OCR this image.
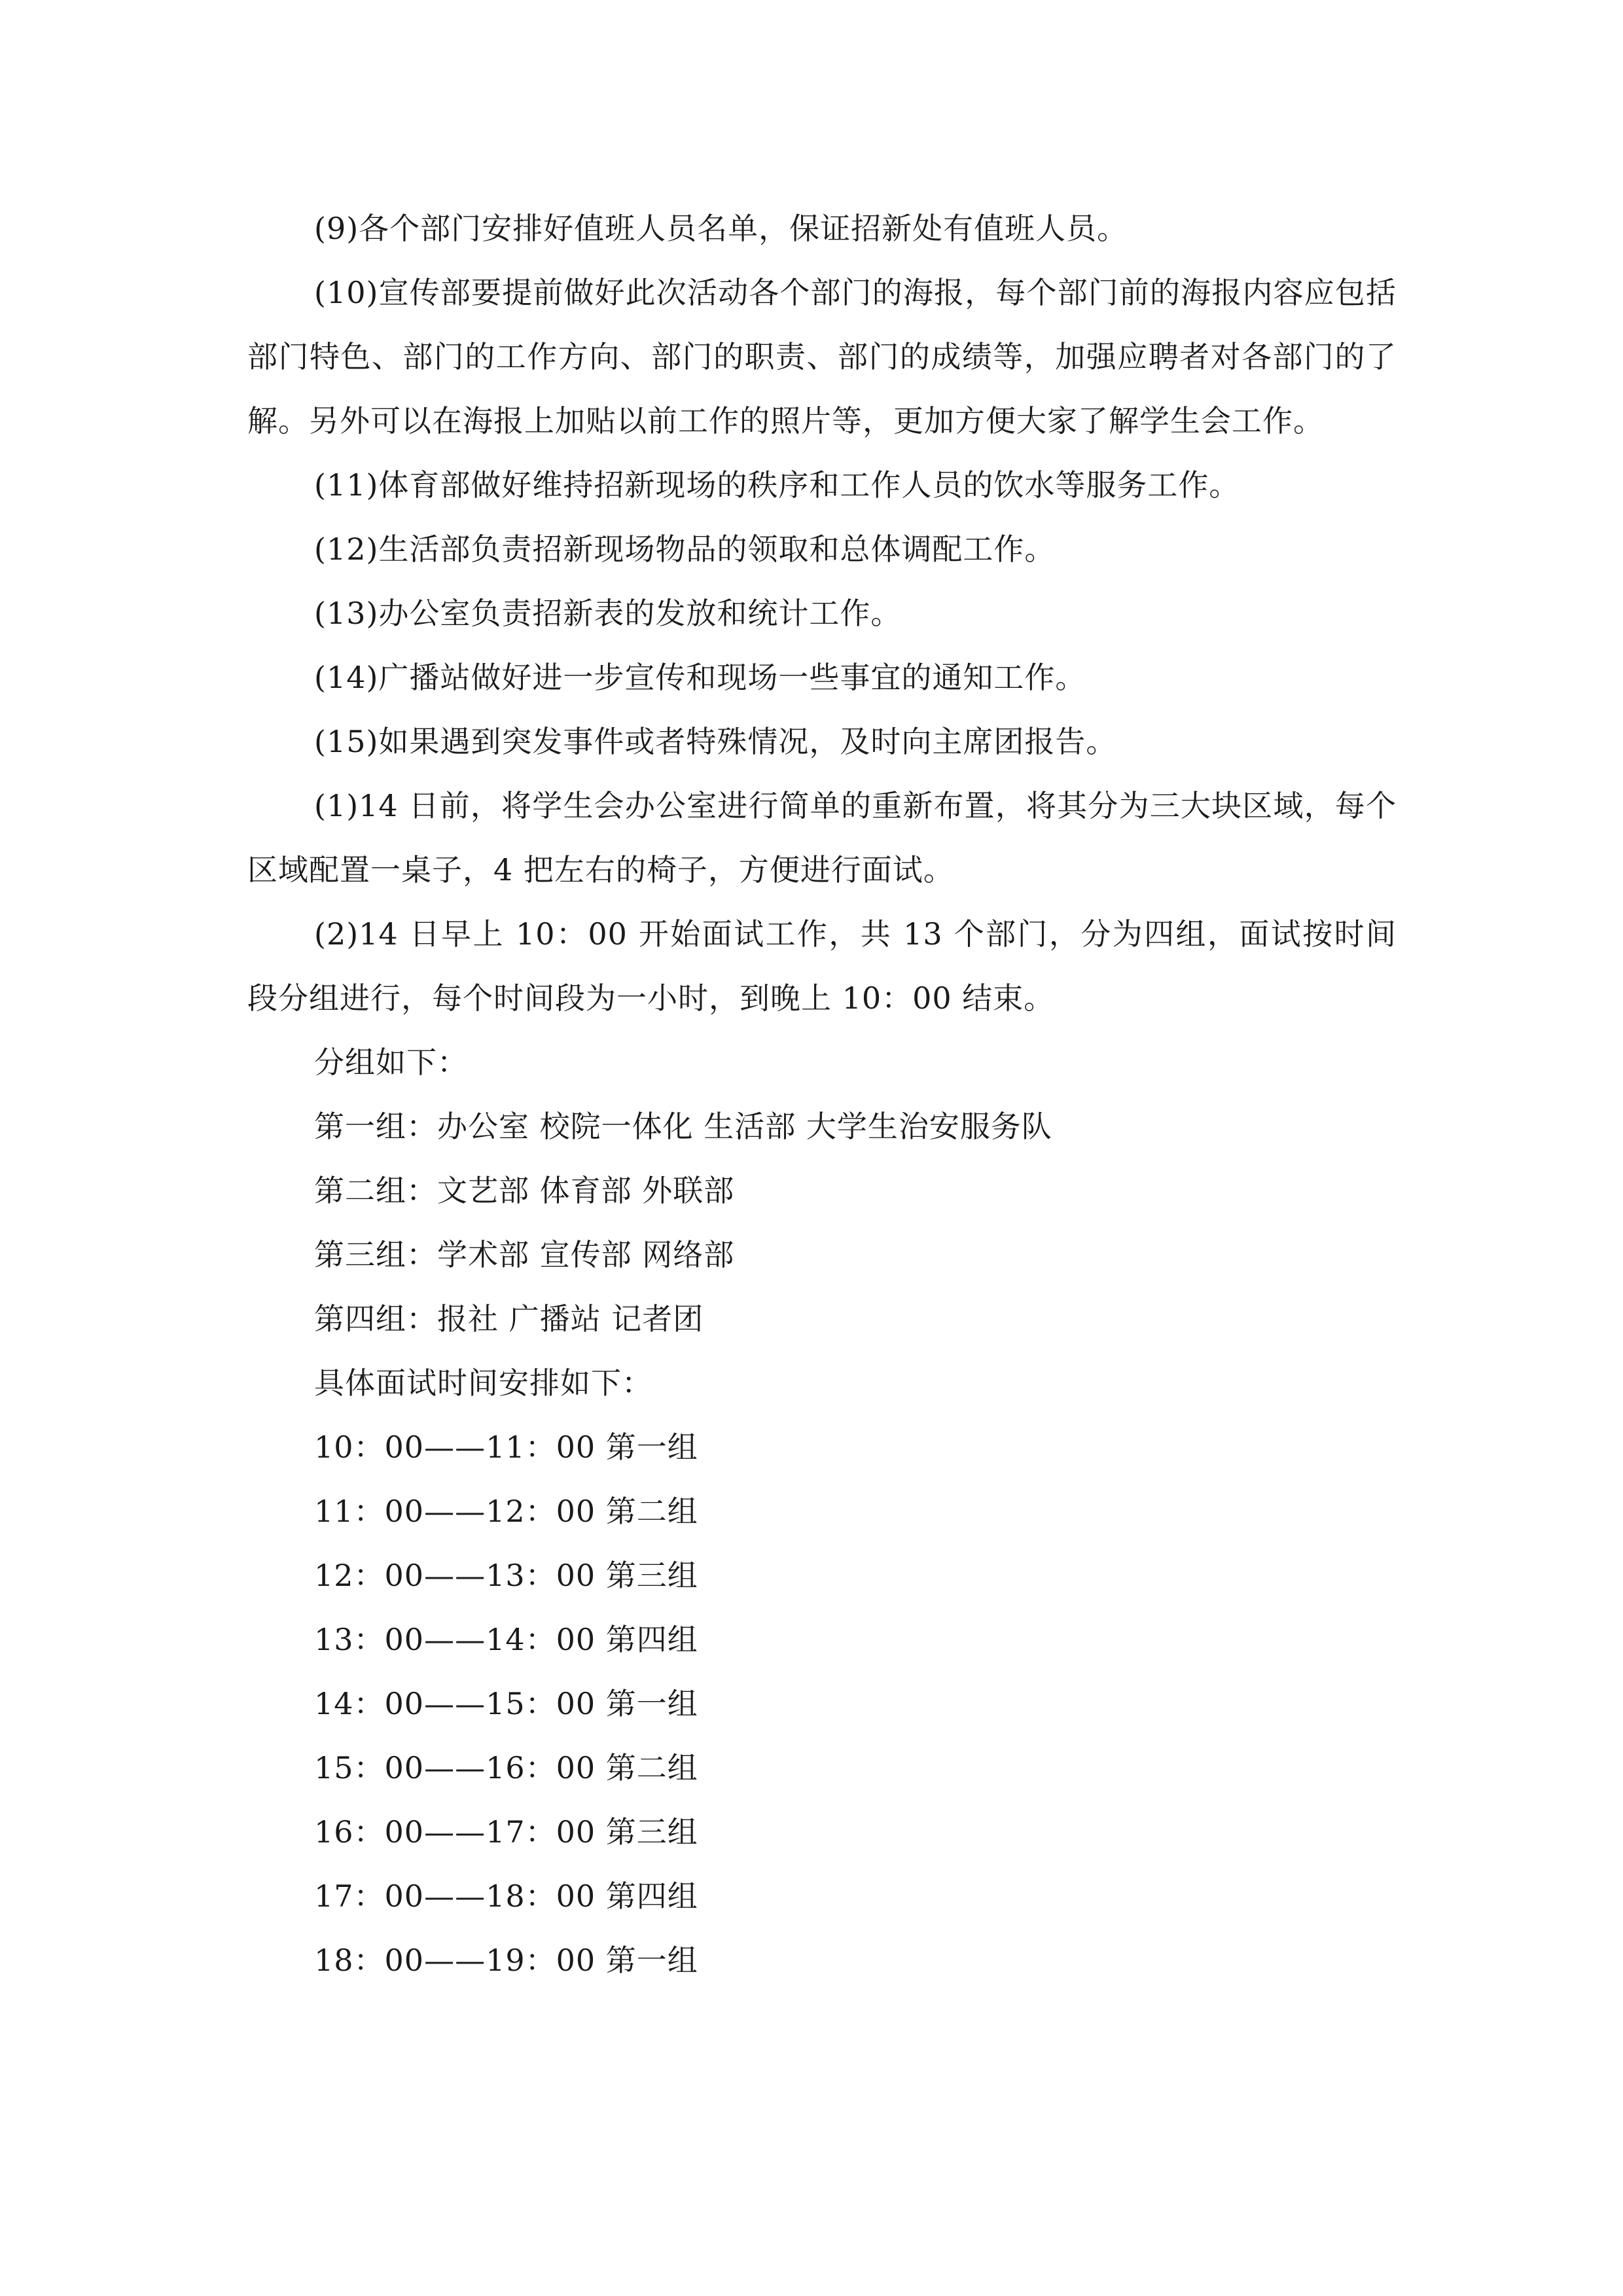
(9)各个部门安排好值班人员名单，保证招新处有值班人员。

(10)宣传部要提前做好此次活动各个部门的海报，每个部门前的海报内容应包括部门特色、部门的工作方向、部门的职责、部门的成绩等，加强应聘者对各部门的了解。另外可以在海报上加贴以前工作的照片等，更加方便大家了解学生会工作。

(11)体育部做好维持招新现场的秩序和工作人员的饮水等服务工作。

(12)生活部负责招新现场物品的领取和总体调配工作。

(13)办公室负责招新表的发放和统计工作。

(14)广播站做好进一步宣传和现场一些事宜的通知工作。

(15)如果遇到突发事件或者特殊情况，及时向主席团报告。

(1)14 日前，将学生会办公室进行简单的重新布置，将其分为三大块区域，每个区域配置一桌子，4 把左右的椅子，方便进行面试。

(2)14 日早上 10：00 开始面试工作，共 13 个部门，分为四组，面试按时间段分组进行，每个时间段为一小时，到晚上 10：00 结束。

分组如下：

第一组：办公室 校院一体化 生活部 大学生治安服务队

第二组：文艺部 体育部 外联部

第三组：学术部 宣传部 网络部

第四组：报社 广播站 记者团

具体面试时间安排如下：

10：00——11：00 第一组

11：00——12：00 第二组

12：00——13：00 第三组

13：00——14：00 第四组

14：00——15：00 第一组

15：00——16：00 第二组

16：00——17：00 第三组

17：00——18：00 第四组

18：00——19：00 第一组
